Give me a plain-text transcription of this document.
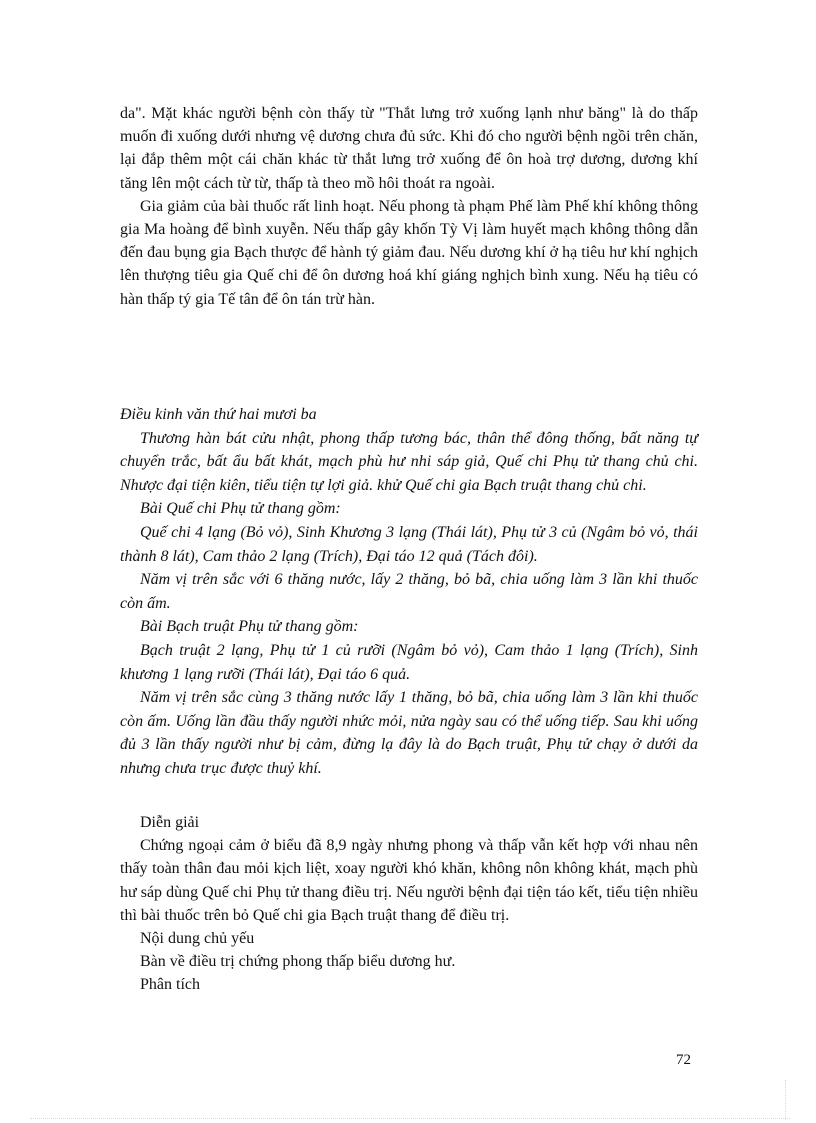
da". Mặt khác người bệnh còn thấy từ "Thắt lưng trở xuống lạnh như băng" là do thấp muốn đi xuống dưới nhưng vệ dương chưa đủ sức. Khi đó cho người bệnh ngồi trên chăn, lại đắp thêm một cái chăn khác từ thắt lưng trở xuống để ôn hoà trợ dương, dương khí tăng lên một cách từ từ, thấp tà theo mồ hôi thoát ra ngoài.

Gia giảm của bài thuốc rất linh hoạt. Nếu phong tà phạm Phế làm Phế khí không thông gia Ma hoàng để bình xuyễn. Nếu thấp gây khốn Tỳ Vị làm huyết mạch không thông dẫn đến đau bụng gia Bạch thược để hành tý giảm đau. Nếu dương khí ở hạ tiêu hư khí nghịch lên thượng tiêu gia Quế chi để ôn dương hoá khí giáng nghịch bình xung. Nếu hạ tiêu có hàn thấp tý gia Tế tân để ôn tán trừ hàn.

Điều kinh văn thứ hai mươi ba

Thương hàn bát cửu nhật, phong thấp tương bác, thân thể đông thống, bất năng tự chuyển trắc, bất ẩu bất khát, mạch phù hư nhi sáp giả, Quế chi Phụ tử thang chủ chi. Nhược đại tiện kiên, tiểu tiện tự lợi giả. khử Quế chi gia Bạch truật thang chủ chi.

Bài Quế chi Phụ tử thang gồm:

Quế chi 4 lạng (Bỏ vỏ), Sinh Khương 3 lạng (Thái lát), Phụ tử 3 củ (Ngâm bỏ vỏ, thái thành 8 lát), Cam thảo 2 lạng (Trích), Đại táo 12 quả (Tách đôi).

Năm vị trên sắc với 6 thăng nước, lấy 2 thăng, bỏ bã, chia uống làm 3 lần khi thuốc còn ấm.

Bài Bạch truật Phụ tử thang gồm:

Bạch truật 2 lạng, Phụ tử 1 củ rưỡi (Ngâm bỏ vỏ), Cam thảo 1 lạng (Trích), Sinh khương 1 lạng rưỡi (Thái lát), Đại táo 6 quả.

Năm vị trên sắc cùng 3 thăng nước lấy 1 thăng, bỏ bã, chia uống làm 3 lần khi thuốc còn ấm. Uống lần đầu thấy người nhức mỏi, nửa ngày sau có thể uống tiếp. Sau khi uống đủ 3 lần thấy người như bị cảm, đừng lạ đây là do Bạch truật, Phụ tử chạy ở dưới da nhưng chưa trục được thuỷ khí.

Diễn giải

Chứng ngoại cảm ở biểu đã 8,9 ngày nhưng phong và thấp vẫn kết hợp với nhau nên thấy toàn thân đau mỏi kịch liệt, xoay người khó khăn, không nôn không khát, mạch phù hư sáp dùng Quế chi Phụ tử thang điều trị. Nếu người bệnh đại tiện táo kết, tiểu tiện nhiều thì bài thuốc trên bỏ Quế chi gia Bạch truật thang để điều trị.

Nội dung chủ yếu

Bàn về điều trị chứng phong thấp biểu dương hư.

Phân tích

72
